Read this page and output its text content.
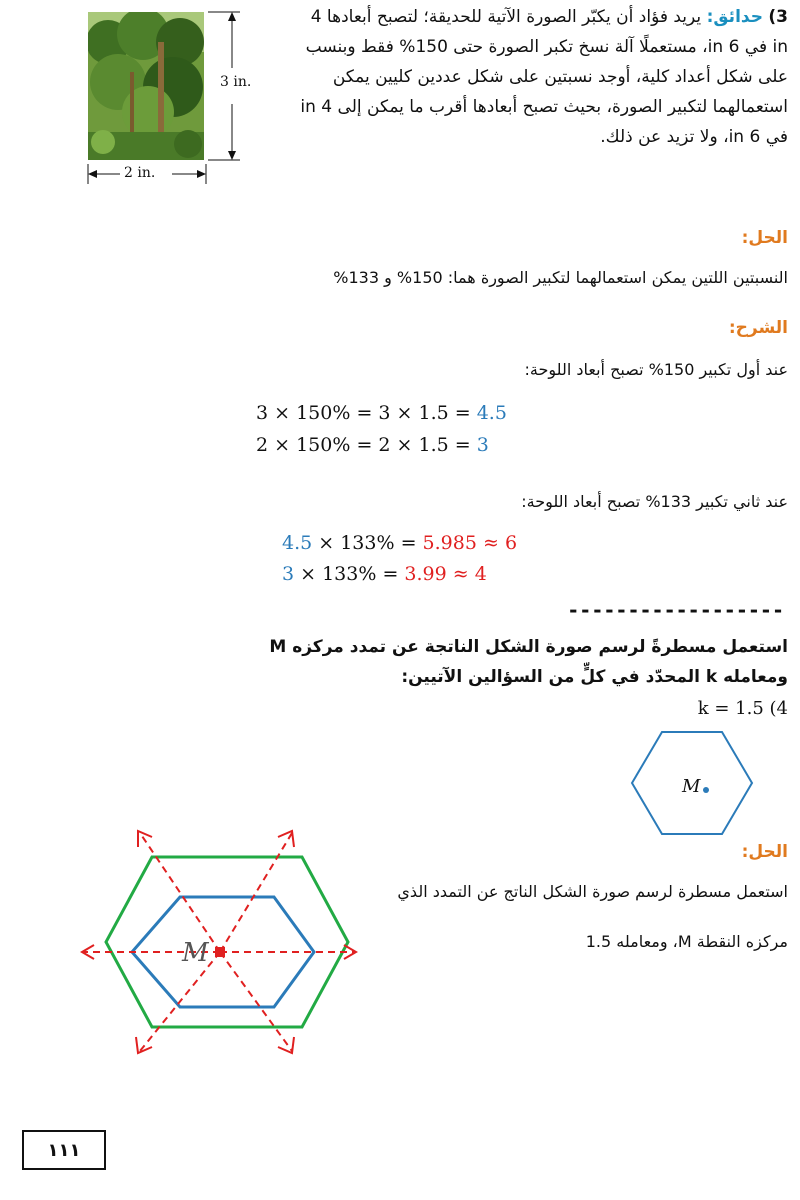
3 in.
2 in.
3) حدائق: يريد فؤاد أن يكبّر الصورة الآتية للحديقة؛ لتصبح أبعادها 4 in في 6 in، مستعملًا آلة نسخ تكبر الصورة حتى 150% فقط وبنسب على شكل أعداد كلية، أوجد نسبتين على شكل عددين كليين يمكن استعمالهما لتكبير الصورة، بحيث تصبح أبعادها أقرب ما يمكن إلى 4 in في 6 in، ولا تزيد عن ذلك.
الحل:
النسبتين اللتين يمكن استعمالهما لتكبير الصورة هما: 150% و 133%
الشرح:
عند أول تكبير 150% تصبح أبعاد اللوحة:
3 × 150% = 3 × 1.5 = 4.5
2 × 150% = 2 × 1.5 = 3
عند ثاني تكبير 133% تصبح أبعاد اللوحة:
4.5 × 133% = 5.985 ≈ 6
3 × 133% = 3.99 ≈ 4
------------------
استعمل مسطرةً لرسم صورة الشكل الناتجة عن تمدد مركزه M ومعامله k المحدّد في كلٍّ من السؤالين الآتيين:
k = 1.5 (4
M
الحل:
استعمل مسطرة لرسم صورة الشكل الناتج عن التمدد الذي
مركزه النقطة M، ومعامله 1.5
M
١١١
